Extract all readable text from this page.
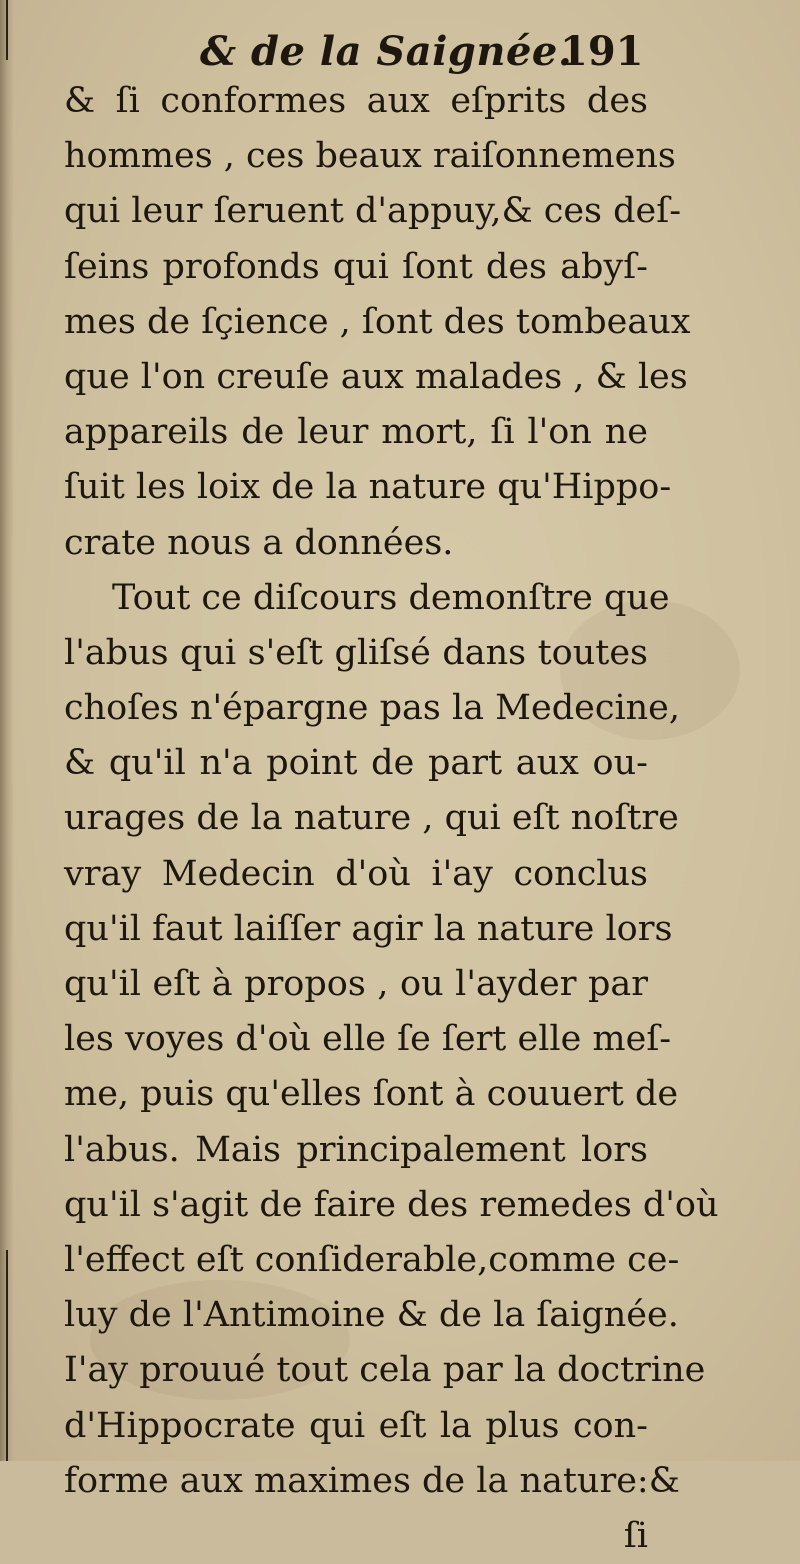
& de la Saignée.
191
& ſi conformes aux eſprits des
hommes , ces beaux raiſonnemens
qui leur ſeruent d'appuy,& ces deſ-
ſeins profonds qui ſont des abyſ-
mes de ſçience , ſont des tombeaux
que l'on creuſe aux malades , & les
appareils de leur mort, ſi l'on ne
ſuit les loix de la nature qu'Hippo-
crate nous a données.
Tout ce diſcours demonſtre que
l'abus qui s'eſt gliſsé dans toutes
choſes n'épargne pas la Medecine,
& qu'il n'a point de part aux ou-
urages de la nature , qui eſt noſtre
vray Medecin d'où i'ay conclus
qu'il faut laiſſer agir la nature lors
qu'il eſt à propos , ou l'ayder par
les voyes d'où elle ſe ſert elle meſ-
me, puis qu'elles ſont à couuert de
l'abus. Mais principalement lors
qu'il s'agit de faire des remedes d'où
l'effect eſt conſiderable,comme ce-
luy de l'Antimoine & de la ſaignée.
I'ay prouué tout cela par la doctrine
d'Hippocrate qui eſt la plus con-
forme aux maximes de la nature:&
ſi
